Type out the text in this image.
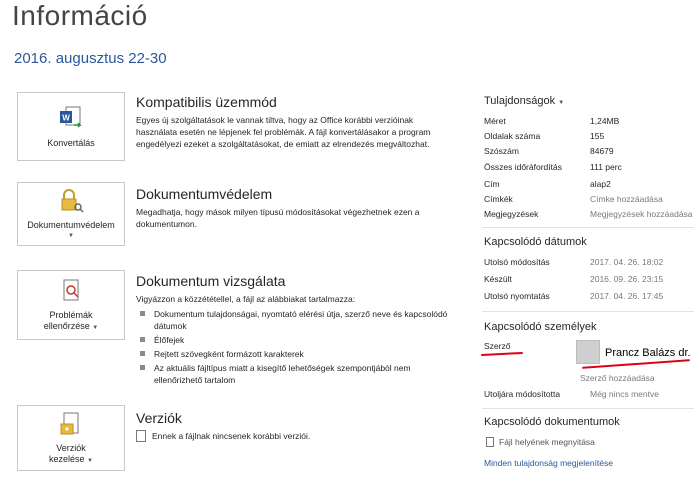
Információ
2016. augusztus 22-30
W
Konvertálás
Dokumentumvédelem
▼
Problémák
ellenőrzése ▼
Verziók
kezelése ▼
Kompatibilis üzemmód

Egyes új szolgáltatások le vannak tiltva, hogy az Office korábbi verzióinak használata esetén ne lépjenek fel problémák. A fájl konvertálásakor a program engedélyezi ezeket a szolgáltatásokat, de emiatt az elrendezés megváltozhat.

Dokumentumvédelem

Megadhatja, hogy mások milyen típusú módosításokat végezhetnek ezen a dokumentumon.

Dokumentum vizsgálata

Vigyázzon a közzététellel, a fájl az alábbiakat tartalmazza:

Dokumentum tulajdonságai, nyomtató elérési útja, szerző neve és kapcsolódó dátumok
Élőfejek
Rejtett szövegként formázott karakterek
Az aktuális fájltípus miatt a kisegítő lehetőségek szempontjából nem ellenőrizhető tartalom
Verziók
Ennek a fájlnak nincsenek korábbi verziói.
Tulajdonságok ▼
Méret	1,24MB
Oldalak száma	155
Szószám	84679
Összes időráfordítás	111 perc
Cím	alap2
Címkék	Címke hozzáadása
Megjegyzések	Megjegyzések hozzáadása
Kapcsolódó dátumok
Utolsó módosítás	2017. 04. 26. 18:02
Készült	2016. 09. 26. 23:15
Utolsó nyomtatás	2017. 04. 26. 17:45
Kapcsolódó személyek
Szerző
Prancz Balázs dr.
Szerző hozzáadása
Utoljára módosította	Még nincs mentve
Kapcsolódó dokumentumok
Fájl helyének megnyitása
Minden tulajdonság megjelenítése
